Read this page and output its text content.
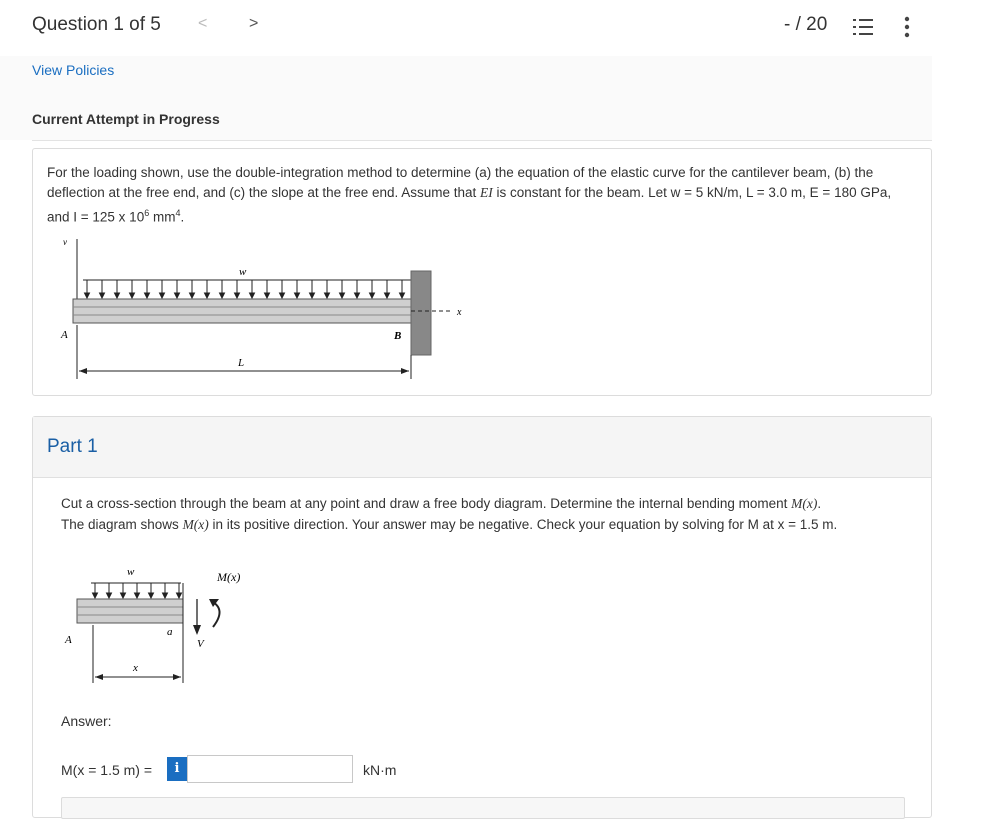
Question 1 of 5 <	>	- / 20
View Policies
Current Attempt in Progress
For the loading shown, use the double-integration method to determine (a) the equation of the elastic curve for the cantilever beam, (b) the deflection at the free end, and (c) the slope at the free end. Assume that EI is constant for the beam. Let w = 5 kN/m, L = 3.0 m, E = 180 GPa, and I = 125 x $10^6$ $mm^4$.
v
w
x
A	B
L
Part 1
Cut a cross-section through the beam at any point and draw a free body diagram. Determine the internal bending moment M(x).
The diagram shows M(x) in its positive direction. Your answer may be negative. Check your equation by solving for M at x = 1.5 m.
w
a
V
M(x)
A
x
Answer:
M(x = 1.5 m) =	i	kN·m
